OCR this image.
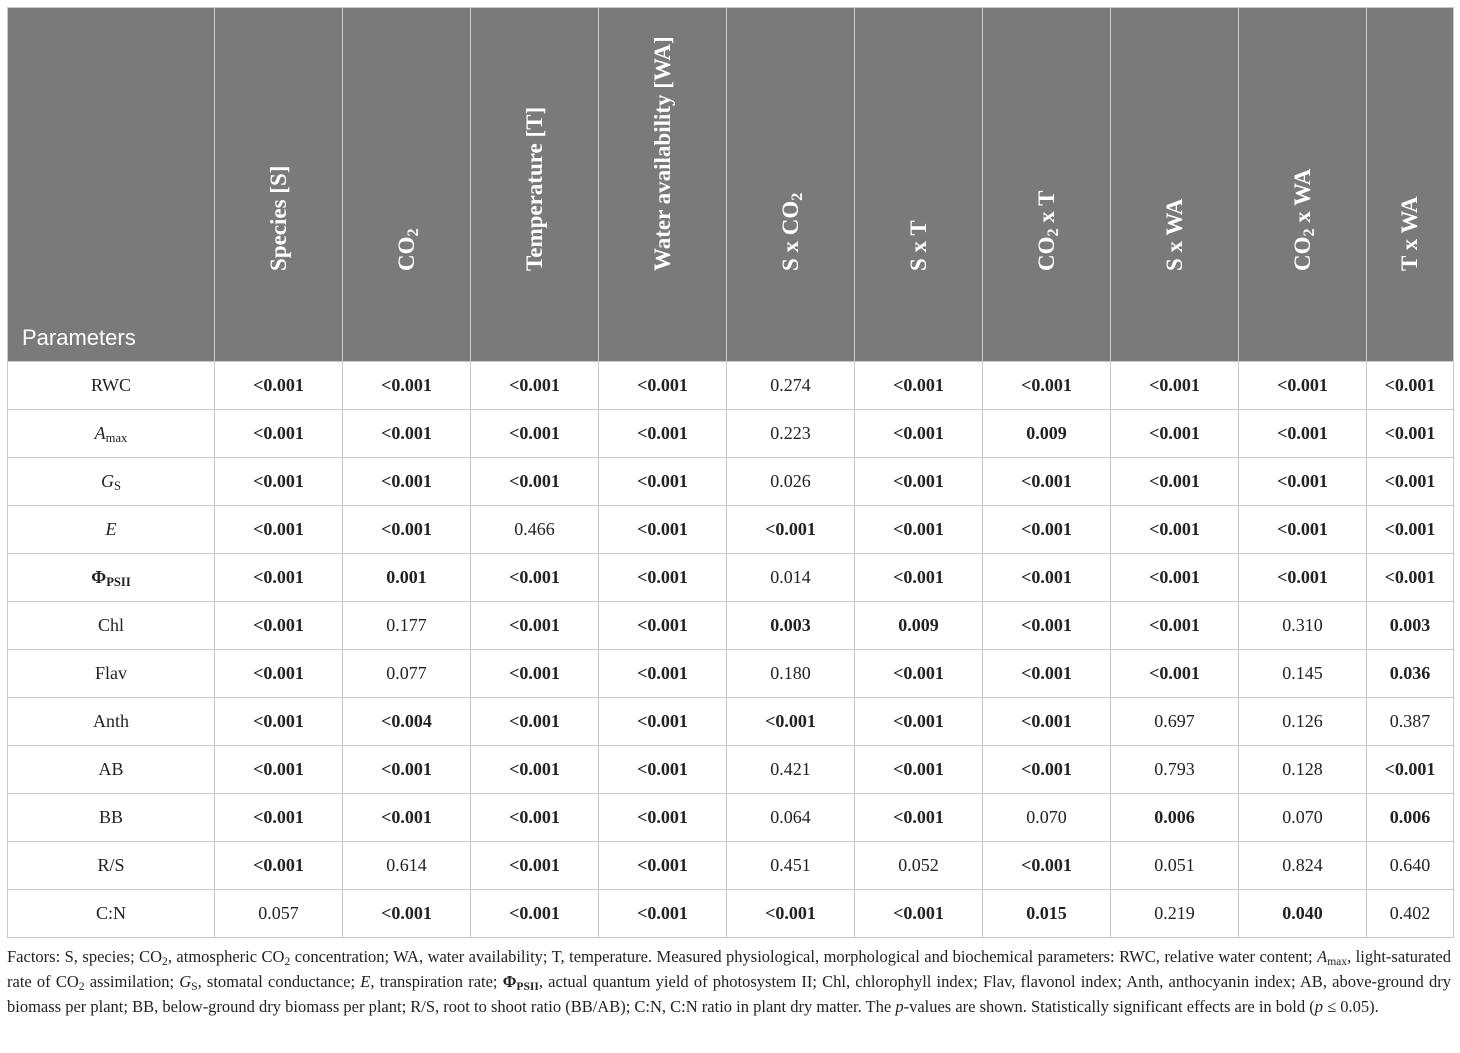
Parameters	Species [S]	$CO_2$	Temperature [T]	Water availability [WA]	S x $CO_2$	S x T	$CO_2$ x T	S x WA	$CO_2$ x WA	T x WA

RWC	<0.001	<0.001	<0.001	<0.001	0.274	<0.001	<0.001	<0.001	<0.001	<0.001
$A_{max}$	<0.001	<0.001	<0.001	<0.001	0.223	<0.001	0.009	<0.001	<0.001	<0.001
$G_S$	<0.001	<0.001	<0.001	<0.001	0.026	<0.001	<0.001	<0.001	<0.001	<0.001
E	<0.001	<0.001	0.466	<0.001	<0.001	<0.001	<0.001	<0.001	<0.001	<0.001
$\Phi_{PSII}$	<0.001	0.001	<0.001	<0.001	0.014	<0.001	<0.001	<0.001	<0.001	<0.001
Chl	<0.001	0.177	<0.001	<0.001	0.003	0.009	<0.001	<0.001	0.310	0.003
Flav	<0.001	0.077	<0.001	<0.001	0.180	<0.001	<0.001	<0.001	0.145	0.036
Anth	<0.001	<0.004	<0.001	<0.001	<0.001	<0.001	<0.001	0.697	0.126	0.387
AB	<0.001	<0.001	<0.001	<0.001	0.421	<0.001	<0.001	0.793	0.128	<0.001
BB	<0.001	<0.001	<0.001	<0.001	0.064	<0.001	0.070	0.006	0.070	0.006
R/S	<0.001	0.614	<0.001	<0.001	0.451	0.052	<0.001	0.051	0.824	0.640
C:N	0.057	<0.001	<0.001	<0.001	<0.001	<0.001	0.015	0.219	0.040	0.402

Factors: S, species; $CO_2$, atmospheric $CO_2$ concentration; WA, water availability; T, temperature. Measured physiological, morphological and biochemical parameters: RWC, relative water content; $A_{max}$, light-saturated rate of $CO_2$ assimilation; $G_S$, stomatal conductance; E, transpiration rate; $\Phi_{PSII}$, actual quantum yield of photosystem II; Chl, chlorophyll index; Flav, flavonol index; Anth, anthocyanin index; AB, above-ground dry biomass per plant; BB, below-ground dry biomass per plant; R/S, root to shoot ratio (BB/AB); C:N, C:N ratio in plant dry matter. The p-values are shown. Statistically significant effects are in bold (p ≤ 0.05).
